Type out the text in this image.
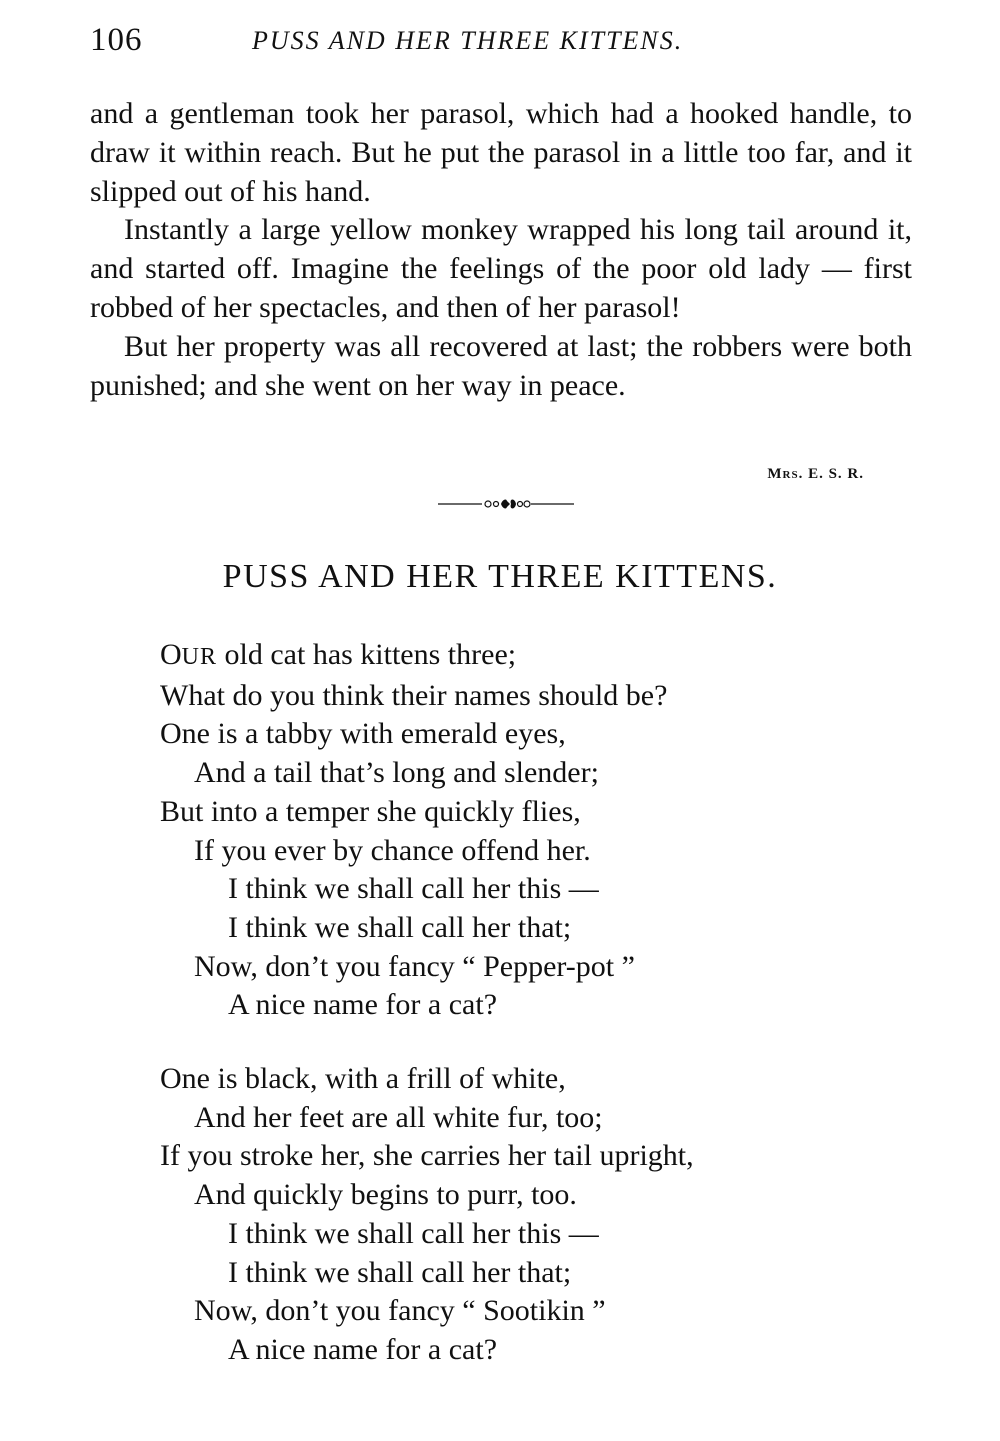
106	PUSS AND HER THREE KITTENS.

and a gentleman took her parasol, which had a hooked handle, to draw it within reach. But he put the parasol in a little too far, and it slipped out of his hand.

Instantly a large yellow monkey wrapped his long tail around it, and started off. Imagine the feelings of the poor old lady — first robbed of her spectacles, and then of her parasol!

But her property was all recovered at last; the robbers were both punished; and she went on her way in peace.

Mrs. E. S. R.
PUSS AND HER THREE KITTENS.
OUR old cat has kittens three;
What do you think their names should be?
One is a tabby with emerald eyes,
And a tail that’s long and slender;
But into a temper she quickly flies,
If you ever by chance offend her.
I think we shall call her this —
I think we shall call her that;
Now, don’t you fancy “ Pepper-pot ”
A nice name for a cat?
One is black, with a frill of white,
And her feet are all white fur, too;
If you stroke her, she carries her tail upright,
And quickly begins to purr, too.
I think we shall call her this —
I think we shall call her that;
Now, don’t you fancy “ Sootikin ”
A nice name for a cat?
